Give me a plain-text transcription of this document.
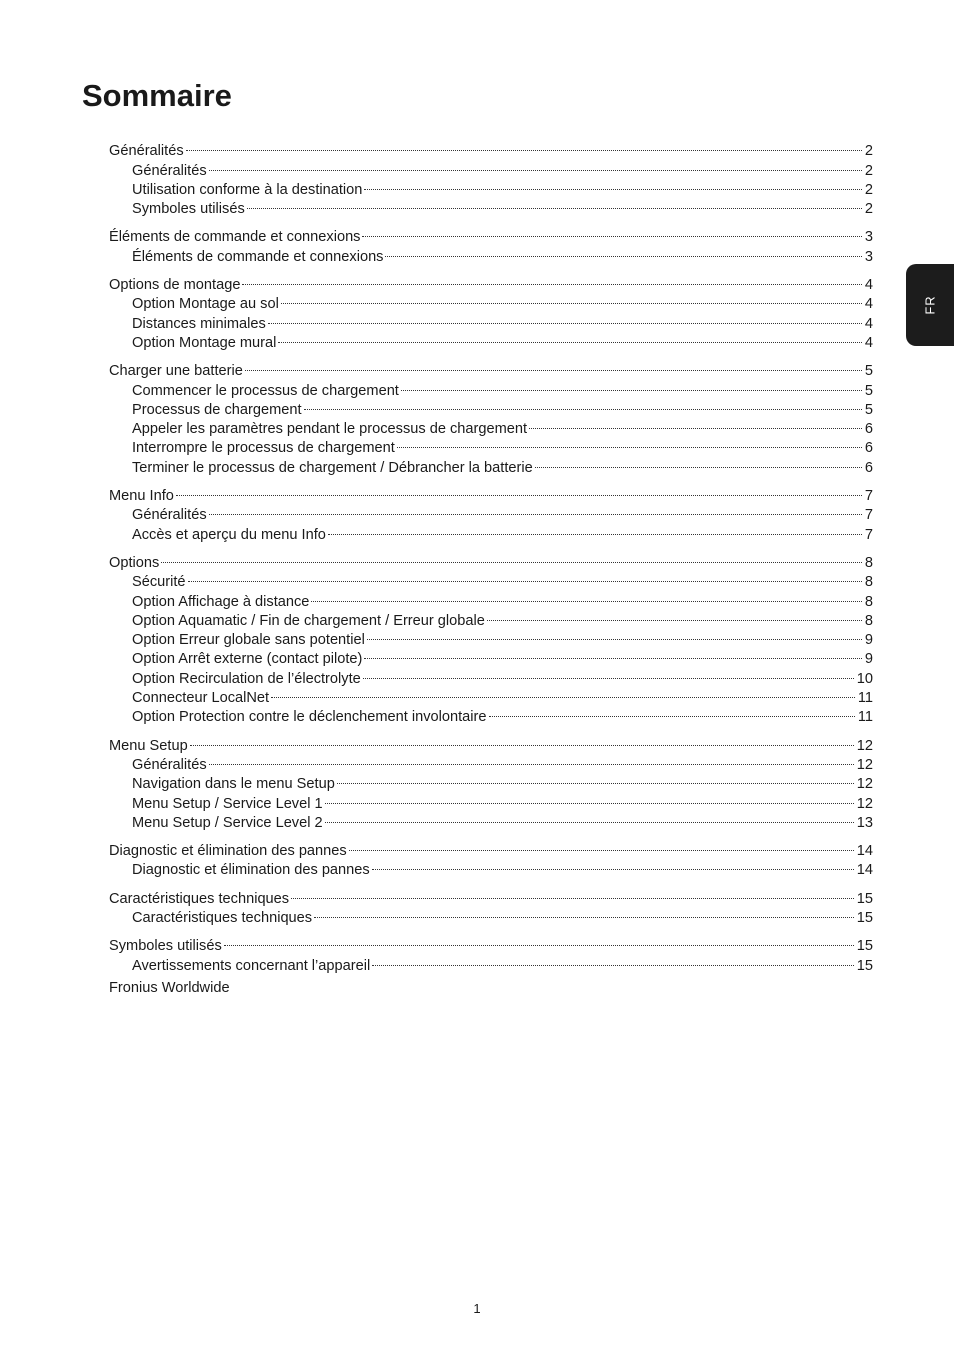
Sommaire
Généralités	2
Généralités	2
Utilisation conforme à la destination	2
Symboles utilisés	2
Éléments de commande et connexions	3
Éléments de commande et connexions	3
Options de montage	4
Option Montage au sol	4
Distances minimales	4
Option Montage mural	4
Charger une batterie	5
Commencer le processus de chargement	5
Processus de chargement	5
Appeler les paramètres pendant le processus de chargement	6
Interrompre le processus de chargement	6
Terminer le processus de chargement / Débrancher la batterie	6
Menu Info	7
Généralités	7
Accès et aperçu du menu Info	7
Options	8
Sécurité	8
Option Affichage à distance	8
Option Aquamatic / Fin de chargement / Erreur globale	8
Option Erreur globale sans potentiel	9
Option Arrêt externe (contact pilote)	9
Option Recirculation de l’électrolyte	10
Connecteur LocalNet	11
Option Protection contre le déclenchement involontaire	11
Menu Setup	12
Généralités	12
Navigation dans le menu Setup	12
Menu Setup / Service Level 1	12
Menu Setup / Service Level 2	13
Diagnostic et élimination des pannes	14
Diagnostic et élimination des pannes	14
Caractéristiques techniques	15
Caractéristiques techniques	15
Symboles utilisés	15
Avertissements concernant l’appareil	15
Fronius Worldwide
FR
1
